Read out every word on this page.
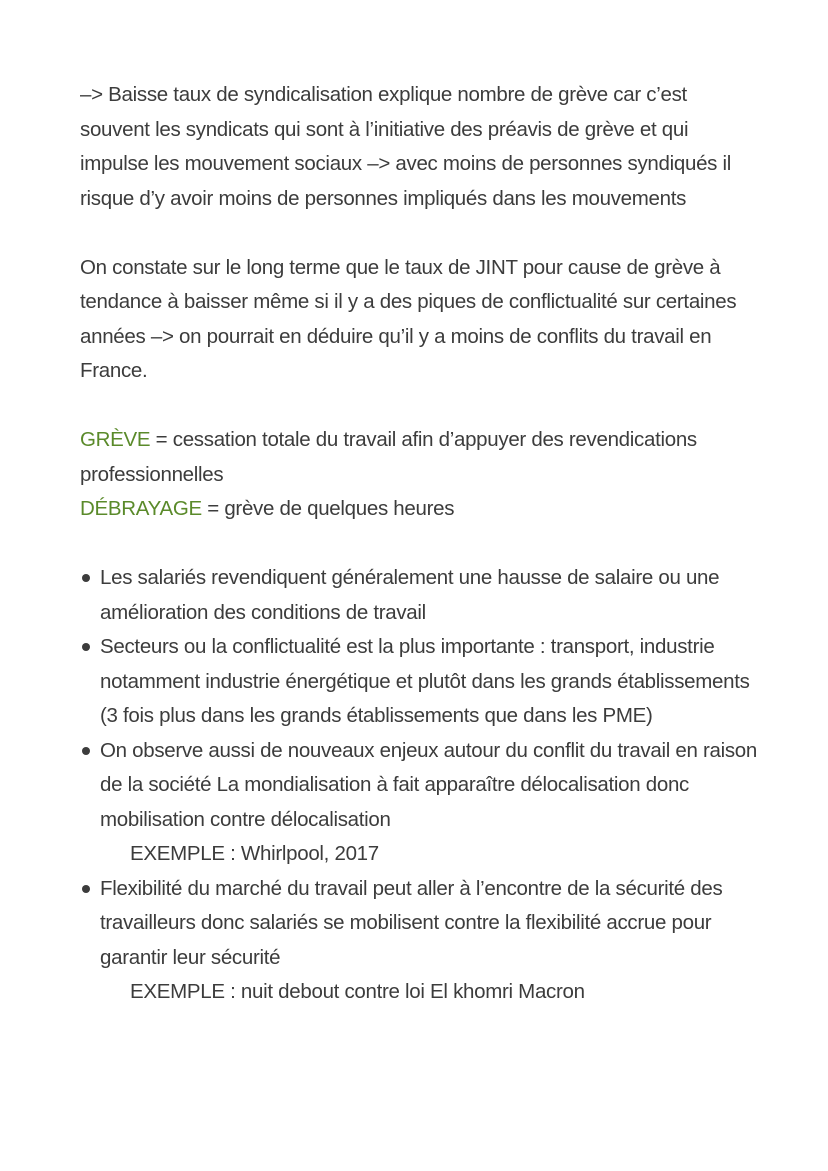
–> Baisse taux de syndicalisation explique nombre de grève car c’est souvent les syndicats qui sont à l’initiative des préavis de grève et qui impulse les mouvement sociaux –> avec moins de personnes syndiqués il risque d’y avoir moins de personnes impliqués dans les mouvements

On constate sur le long terme que le taux de JINT pour cause de grève à tendance à baisser même si il y a des piques de conflictualité sur certaines années –> on pourrait en déduire qu’il y a moins de conflits du travail en France.

GRÈVE = cessation totale du travail afin d’appuyer des revendications professionnelles
DÉBRAYAGE = grève de quelques heures
Les salariés revendiquent généralement une hausse de salaire ou une amélioration des conditions de travail
Secteurs ou la conflictualité est la plus importante : transport, industrie notamment industrie énergétique et plutôt dans les grands établissements (3 fois plus dans les grands établissements que dans les PME)
On observe aussi de nouveaux enjeux autour du conflit du travail en raison de la société La mondialisation à fait apparaître délocalisation donc mobilisation contre délocalisation
EXEMPLE : Whirlpool, 2017
Flexibilité du marché du travail peut aller à l’encontre de la sécurité des travailleurs donc salariés se mobilisent contre la flexibilité accrue pour garantir leur sécurité
EXEMPLE : nuit debout contre loi El khomri Macron
